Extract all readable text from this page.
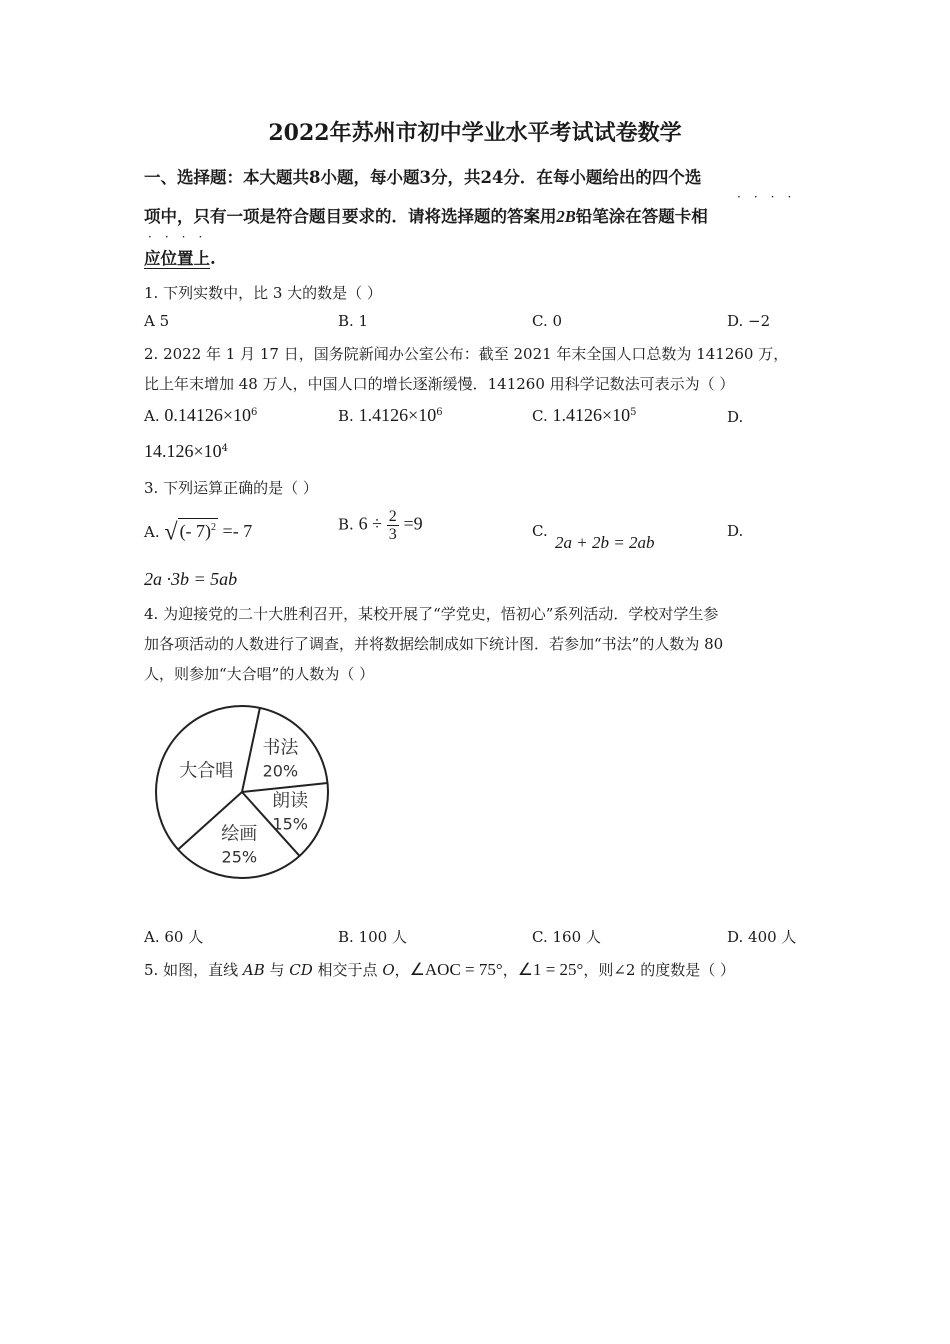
2022年苏州市初中学业水平考试试卷数学
一、选择题：本大题共8小题，每小题3分，共24分．在每小题给出的四个选
项中，只有一项是符合题目要求的．请将选择题的答案用2B铅笔涂在答题卡相
····
应位置上.
····
1. 下列实数中，比 3 大的数是（ ）
A 5	B. 1	C. 0	D. −2
2. 2022 年 1 月 17 日，国务院新闻办公室公布：截至 2021 年末全国人口总数为 141260 万，
比上年末增加 48 万人，中国人口的增长逐渐缓慢．141260 用科学记数法可表示为（ ）
A. $0.14126\times 10^6$	B. $1.4126\times 10^6$	C. $1.4126\times 10^5$	D.
$14.126\times 10^4$
3. 下列运算正确的是（ ）
A. √ (- 7)$^2$ =- 7	B. $6 \div \frac{2}{3} =9$	C.
2a + 2b = 2ab
D.
2a ·3b = 5ab
4. 为迎接党的二十大胜利召开，某校开展了“学党史，悟初心”系列活动．学校对学生参
加各项活动的人数进行了调查，并将数据绘制成如下统计图．若参加“书法”的人数为 80
人，则参加“大合唱”的人数为（ ）
书法
20%
朗读
15%
绘画
25%
大合唱
A. 60 人	B. 100 人	C. 160 人	D. 400 人
5. 如图，直线 AB 与 CD 相交于点 O，∠AOC = 75°，∠1 = 25°，则∠2 的度数是（ ）
